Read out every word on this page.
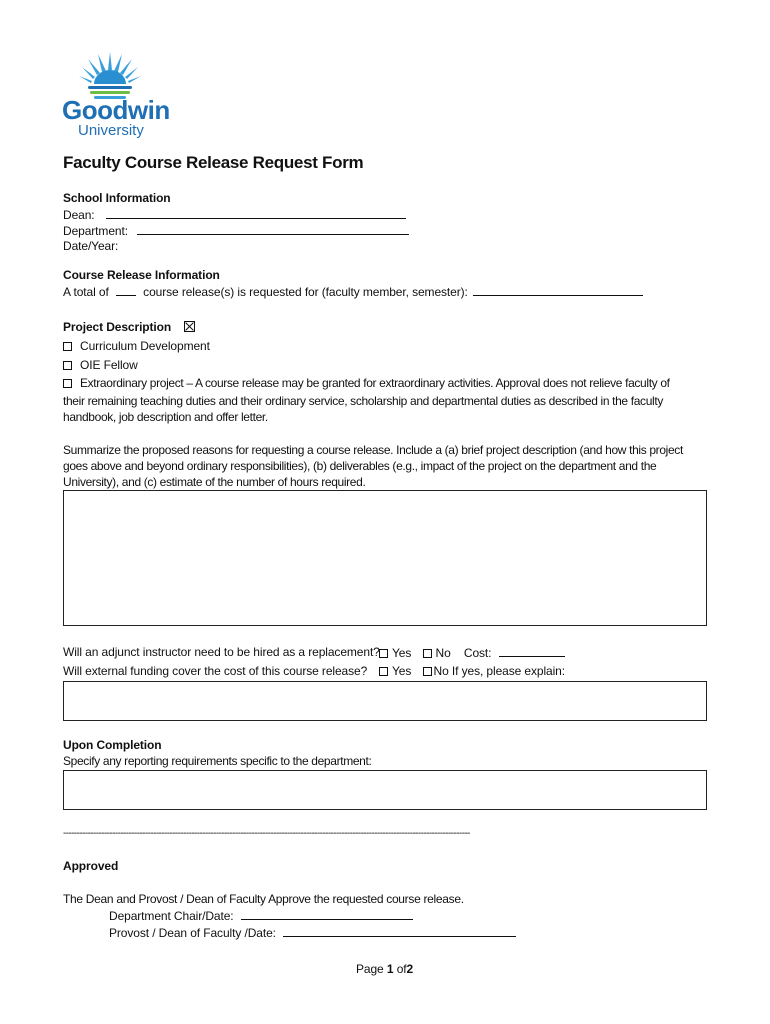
Goodwin
University
Faculty Course Release Request Form
School Information
Dean:
Department:
Date/Year:
Course Release Information
A total of	course release(s) is requested for (faculty member, semester):
Project Description
Curriculum Development
OIE Fellow
Extraordinary project – A course release may be granted for extraordinary activities. Approval does not relieve faculty of
their remaining teaching duties and their ordinary service, scholarship and departmental duties as described in the faculty
handbook, job description and offer letter.
Summarize the proposed reasons for requesting a course release. Include a (a) brief project description (and how this project
goes above and beyond ordinary responsibilities), (b) deliverables (e.g., impact of the project on the department and the
University), and (c) estimate of the number of hours required.
Will an adjunct instructor need to be hired as a replacement?	Yes No Cost:
Will external funding cover the cost of this course release?	Yes No If yes, please explain:
Upon Completion
Specify any reporting requirements specific to the department:
-----------------------------------------------------------------------------------------------------------------------------------------------------
Approved
The Dean and Provost / Dean of Faculty Approve the requested course release.
Department Chair/Date:
Provost / Dean of Faculty /Date:
Page 1 of2
